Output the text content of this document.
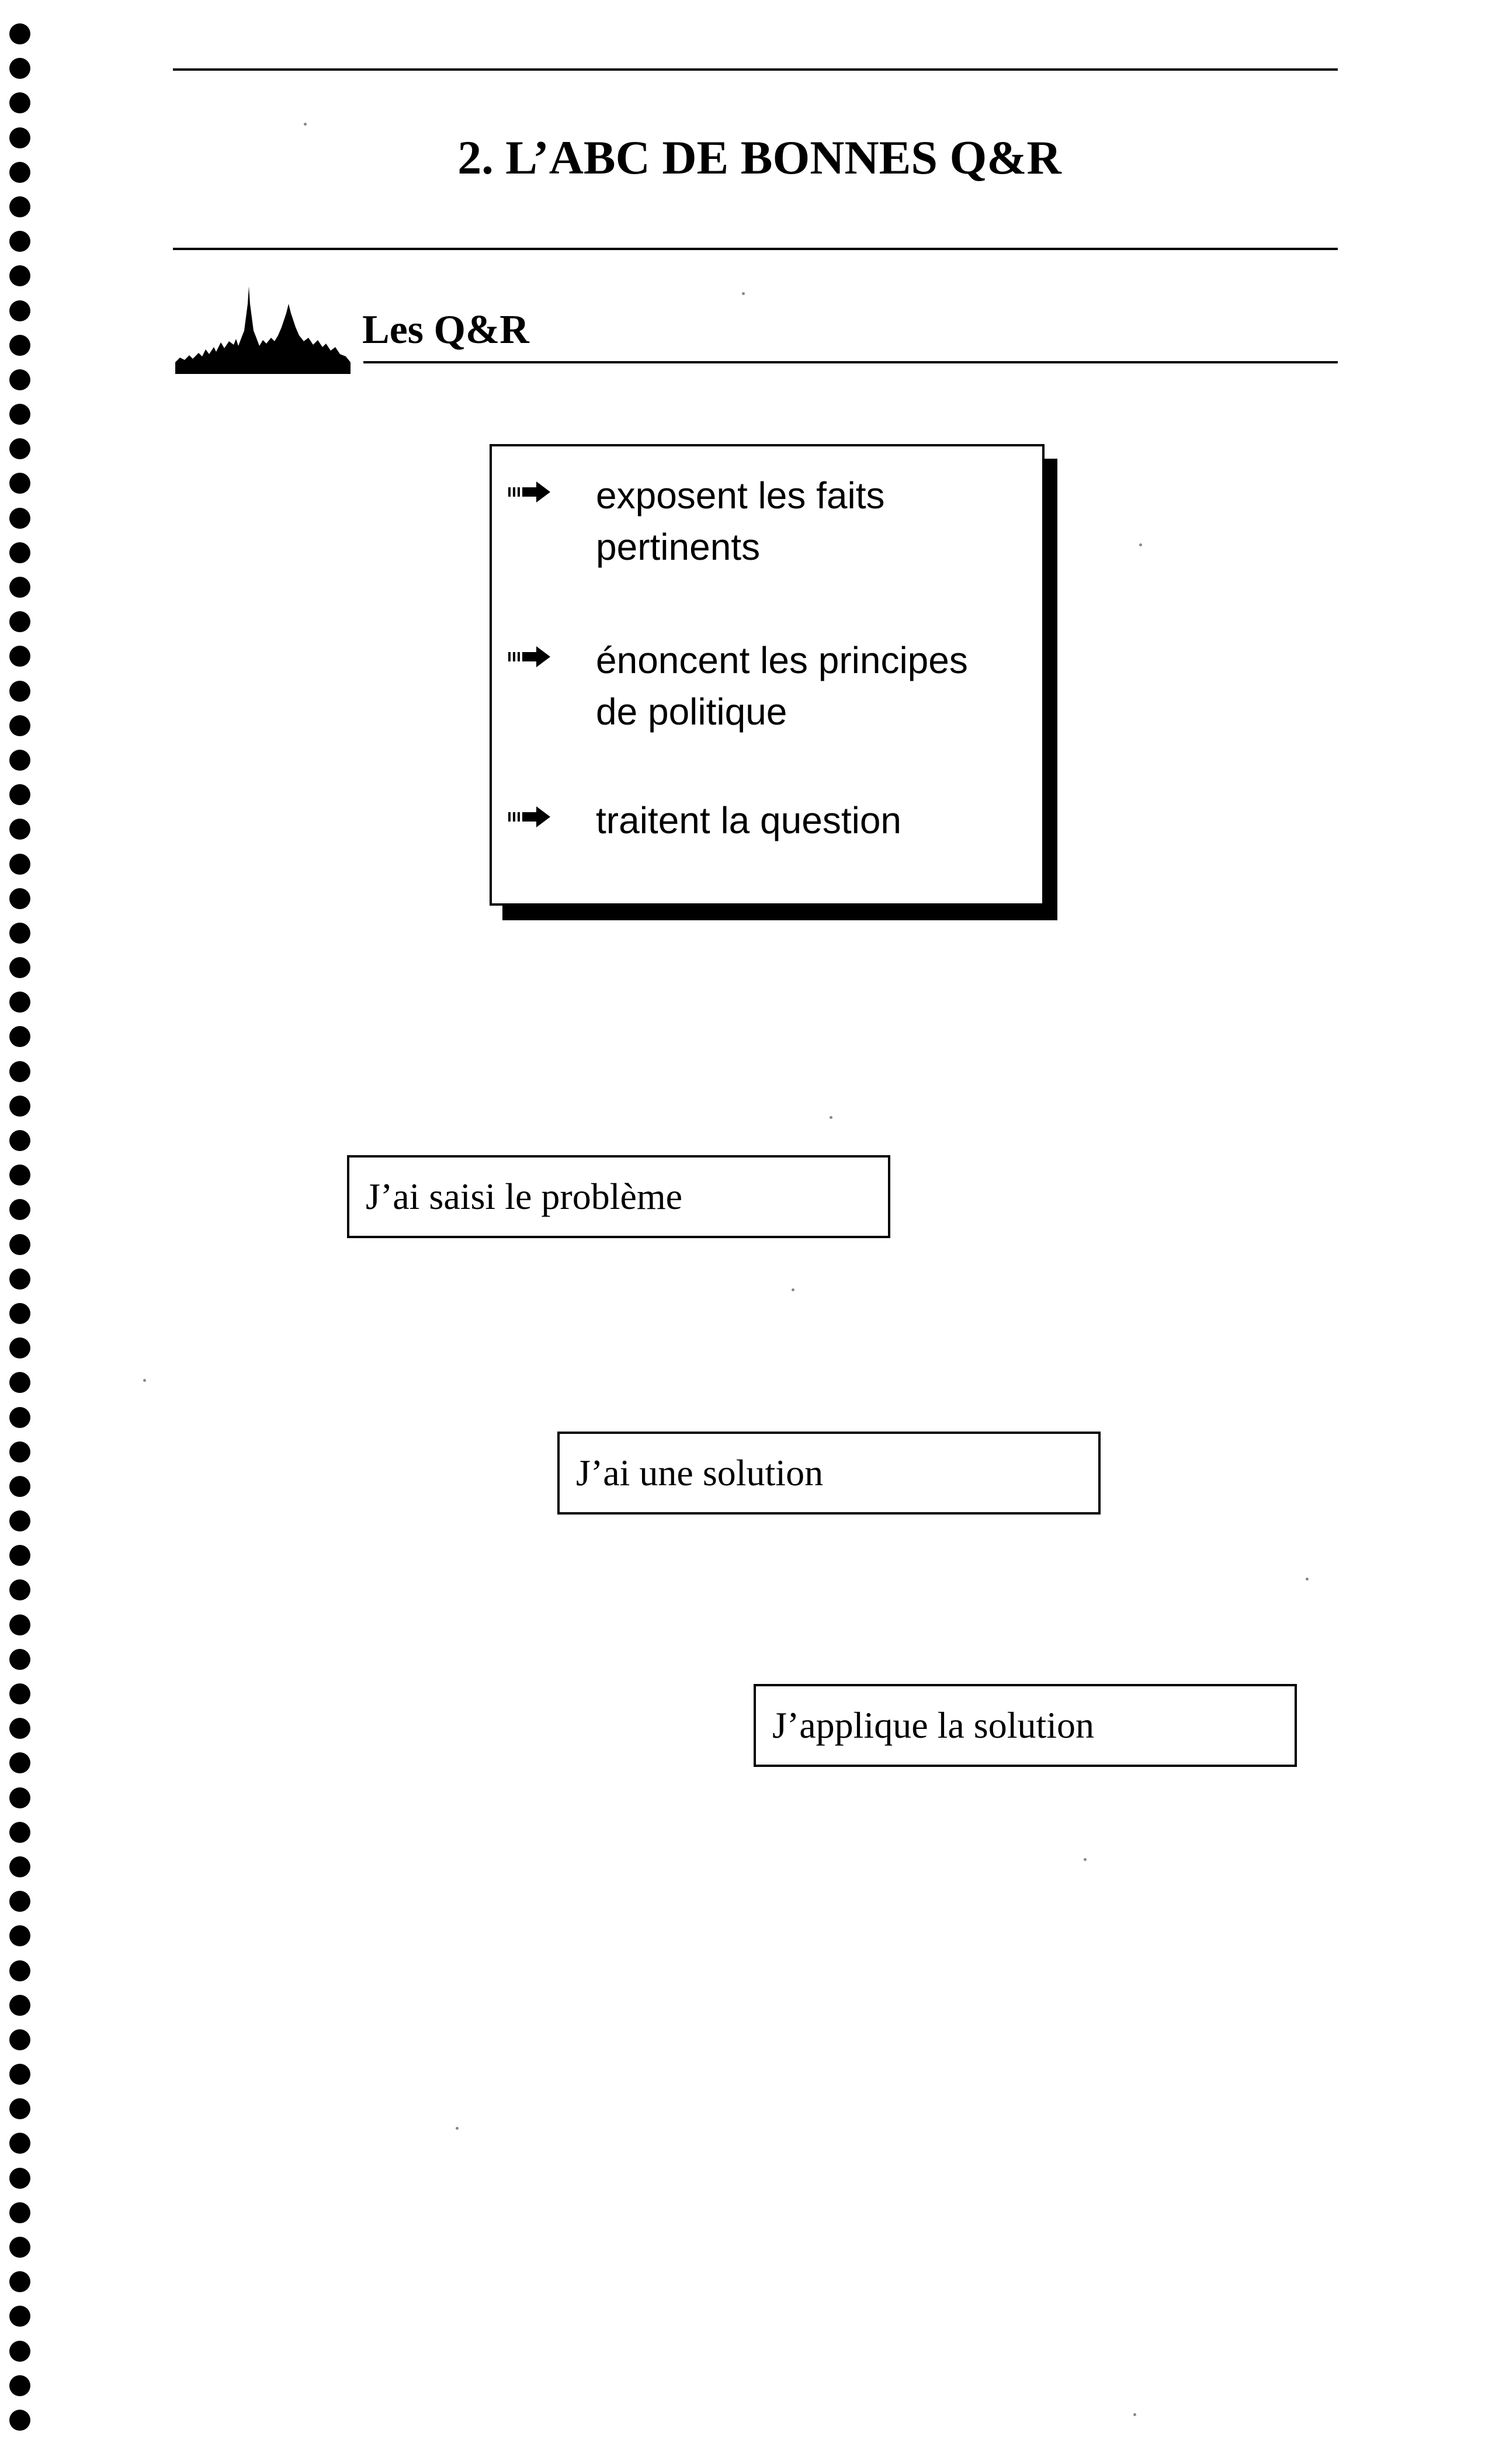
2. L’ABC DE BONNES Q&R
Les Q&R
exposent les faits pertinents
énoncent les principes de politique
traitent la question
J’ai saisi le problème
J’ai une solution
J’applique la solution
